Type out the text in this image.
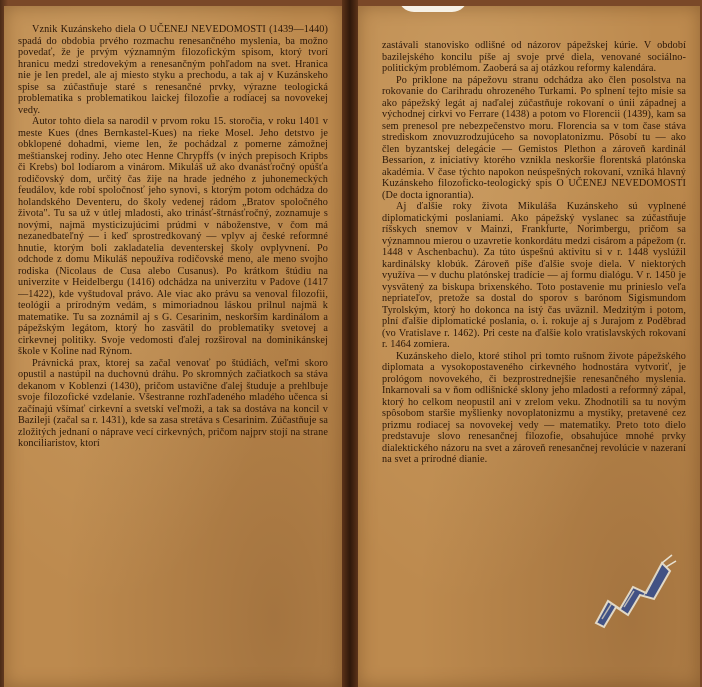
Vznik Kuzánskeho diela O UČENEJ NEVEDOMOSTI (1439—1440) spadá do obdobia prvého rozmachu renesančného myslenia, ba možno povedať, že je prvým významným filozofickým spisom, ktorý tvorí hranicu medzi stredovekým a renesančným pohľadom na svet. Hranica nie je len predel, ale aj miesto styku a prechodu, a tak aj v Kuzánskeho spise sa zúčastňuje staré s renesančné prvky, výrazne teologická problematika s problematikou laickej filozofie a rodiacej sa novovekej vedy.

Autor tohto diela sa narodil v prvom roku 15. storočia, v roku 1401 v meste Kues (dnes Bernkastel-Kues) na rieke Mosel. Jeho detstvo je obklopené dohadmi, vieme len, že pochádzal z pomerne zámožnej meštianskej rodiny. Jeho otec Henne Chrypffs (v iných prepisoch Kripbs či Krebs) bol lodiarom a vinárom. Mikuláš už ako dvanásťročný opúšťa rodičovský dom, určitý čas žije na hrade jedného z juhonemeckých feudálov, kde robí spoločnosť jeho synovi, s ktorým potom odchádza do holandského Deventeru, do školy vedenej rádom „Bratov spoločného života". Tu sa už v útlej mladosti, ako trinásť-štrnásťročný, zoznamuje s novými, najmä mysticizujúcimi prúdmi v náboženstve, v čom má nezanedbateľný — i keď sprostredkovaný — vplyv aj české reformné hnutie, ktorým boli zakladatelia deventerskej školy ovplyvnení. Po odchode z domu Mikuláš nepoužíva rodičovské meno, ale meno svojho rodiska (Nicolaus de Cusa alebo Cusanus). Po krátkom štúdiu na univerzite v Heidelbergu (1416) odchádza na univerzitu v Padove (1417—1422), kde vyštudoval právo. Ale viac ako právu sa venoval filozofii, teológii a prírodným vedám, s mimoriadnou láskou prilnul najmä k matematike. Tu sa zoznámil aj s G. Cesarinim, neskorším kardinálom a pápežským legátom, ktorý ho zasvätil do problematiky svetovej a cirkevnej politiky. Svoje vedomosti ďalej rozširoval na dominikánskej škole v Koline nad Rýnom.

Právnická prax, ktorej sa začal venovať po štúdiách, veľmi skoro opustil a nastúpil na duchovnú dráhu. Po skromných začiatkoch sa stáva dekanom v Koblenzi (1430), pričom ustavične ďalej študuje a prehlbuje svoje filozofické vzdelanie. Všestranne rozhľadeného mladého učenca si začínajú všímať cirkevní a svetskí veľmoži, a tak sa dostáva na koncil v Bazileji (začal sa r. 1431), kde sa zasa stretáva s Cesarinim. Zúčastňuje sa zložitých jednaní o náprave vecí cirkevných, pričom najprv stojí na strane konciliaristov, ktorí

zastávali stanovisko odlišné od názorov pápežskej kúrie. V období bazilejského koncilu píše aj svoje prvé diela, venované sociálno-politickým problémom. Zaoberá sa aj otázkou reformy kalendára.

Po priklone na pápežovu stranu odchádza ako člen posolstva na rokovanie do Carihradu ohrozeného Turkami. Po splnení tejto misie sa ako pápežský legát aj naďalej zúčastňuje rokovaní o únii západnej a východnej cirkvi vo Ferrare (1438) a potom vo Florencii (1439), kam sa sem prenesol pre nebezpečenstvo moru. Florencia sa v tom čase stáva strediskom znovuzrodzujúceho sa novoplatonizmu. Pôsobí tu — ako člen byzantskej delegácie — Gemistos Plethon a zároveň kardinál Bessarion, z iniciatívy ktorého vznikla neskoršie florentská platónska akadémia. V čase týchto napokon neúspešných rokovaní, vzniká hlavný Kuzánskeho filozoficko-teologický spis O UČENEJ NEVEDOMOSTI (De docta ignorantia).

Aj ďalšie roky života Mikuláša Kuzánskeho sú vyplnené diplomatickými poslaniami. Ako pápežský vyslanec sa zúčastňuje ríšskych snemov v Mainzi, Frankfurte, Norimbergu, pričom sa významnou mierou o uzavretie konkordátu medzi cisárom a pápežom (r. 1448 v Aschenbachu). Za túto úspešnú aktivitu si v r. 1448 vyslúžil kardinálsky klobúk. Zároveň píše ďalšie svoje diela. V niektorých využíva — v duchu platónskej tradície — aj formu dialógu. V r. 1450 je vysvätený za biskupa brixenského. Toto postavenie mu prinieslo veľa nepriateľov, pretože sa dostal do sporov s barónom Sigismundom Tyrolským, ktorý ho dokonca na istý čas uväznil. Medzitým i potom, plní ďalšie diplomatické poslania, o. i. rokuje aj s Jurajom z Poděbrad (vo Vratislave r. 1462). Pri ceste na ďalšie kolo vratislavských rokovaní r. 1464 zomiera.

Kuzánskeho dielo, ktoré stihol pri tomto rušnom živote pápežského diplomata a vysokopostaveného cirkevného hodnostára vytvoriť, je prológom novovekého, či bezprostrednejšie renesančného myslenia. Inkarnovali sa v ňom odlišnické sklony jeho mladosti a reformný zápal, ktorý ho celkom neopustil ani v zrelom veku. Zhodnotili sa tu novým spôsobom staršie myšlienky novoplatonizmu a mystiky, pretavené cez prizmu rodiacej sa novovekej vedy — matematiky. Preto toto dielo predstavuje slovo renesančnej filozofie, obsahujúce mnohé prvky dialektického názoru na svet a zároveň renesančnej revolúcie v nazeraní na svet a prírodné dianie.
